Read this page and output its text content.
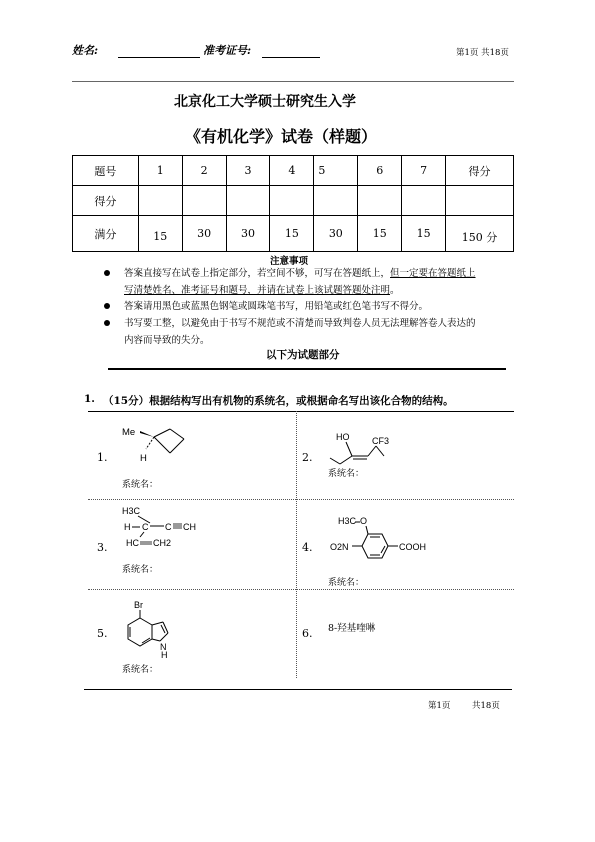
姓名:	准考证号:	第1页 共18页
北京化工大学硕士研究生入学
《有机化学》试卷（样题）
题号	1	2	3	4	5	6	7	得分
得分								
满分	15	30	30	15	30	15	15	150 分
注意事项
答案直接写在试卷上指定部分，若空间不够，可写在答题纸上，但一定要在答题纸上
写清楚姓名、准考证号和题号，并请在试卷上该试题答题处注明。
答案请用黑色或蓝黑色钢笔或圆珠笔书写，用铅笔或红色笔书写不得分。
书写要工整，以避免由于书写不规范或不清楚而导致判卷人员无法理解答卷人表达的
内容而导致的失分。
以下为试题部分
1. （15分）根据结构写出有机物的系统名，或根据命名写出该化合物的结构。
1.
Me
H
系统名：
2.
HO	CF3
系统名：
3.
H3C
H C C CH
HC CH2
系统名：
4.
H3C O
O2N	COOH
系统名：
5.
Br
N
H
系统名：
6. 8-羟基喹啉
第1页	共18页
